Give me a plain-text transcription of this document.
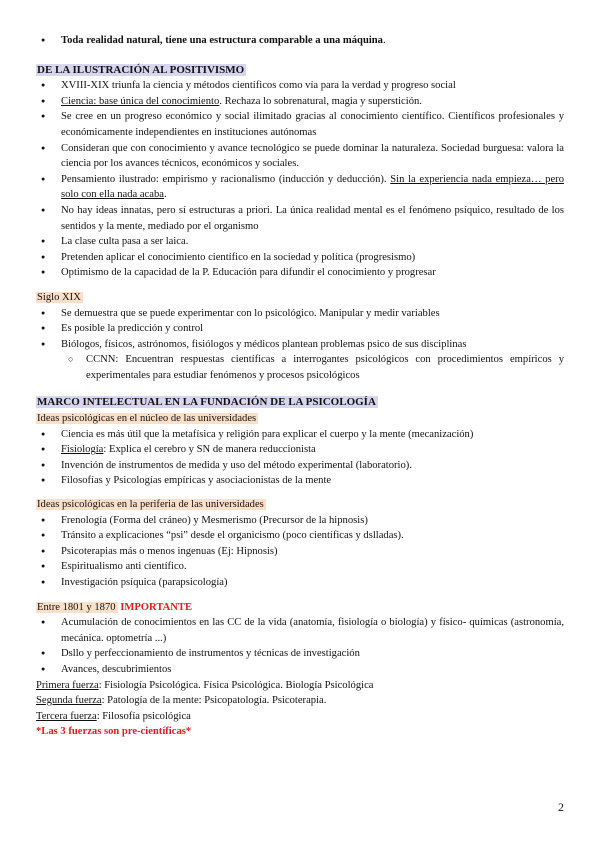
● Toda realidad natural, tiene una estructura comparable a una máquina.
DE LA ILUSTRACIÓN AL POSITIVISMO
● XVIII-XIX triunfa la ciencia y métodos científicos como vía para la verdad y progreso social
● Ciencia: base única del conocimiento. Rechaza lo sobrenatural, magia y superstición.
● Se cree en un progreso económico y social ilimitado gracias al conocimiento científico. Científicos profesionales y económicamente independientes en instituciones autónomas
● Consideran que con conocimiento y avance tecnológico se puede dominar la naturaleza. Sociedad burguesa: valora la ciencia por los avances técnicos, económicos y sociales.
● Pensamiento ilustrado: empirismo y racionalismo (inducción y deducción). Sin la experiencia nada empieza… pero solo con ella nada acaba.
● No hay ideas innatas, pero sí estructuras a priori. La única realidad mental es el fenómeno psíquico, resultado de los sentidos y la mente, mediado por el organismo
● La clase culta pasa a ser laica.
● Pretenden aplicar el conocimiento científico en la sociedad y política (progresismo)
● Optimismo de la capacidad de la P. Educación para difundir el conocimiento y progresar
Siglo XIX
● Se demuestra que se puede experimentar con lo psicológico. Manipular y medir variables
● Es posible la predicción y control
● Biólogos, físicos, astrónomos, fisiólogos y médicos plantean problemas psico de sus disciplinas
○ CCNN: Encuentran respuestas científicas a interrogantes psicológicos con procedimientos empíricos y experimentales para estudiar fenómenos y procesos psicológicos
MARCO INTELECTUAL EN LA FUNDACIÓN DE LA PSICOLOGÍA
Ideas psicológicas en el núcleo de las universidades
● Ciencia es más útil que la metafísica y religión para explicar el cuerpo y la mente (mecanización)
● Fisiología: Explica el cerebro y SN de manera reduccionista
● Invención de instrumentos de medida y uso del método experimental (laboratorio).
● Filosofías y Psicologías empíricas y asociacionistas de la mente
Ideas psicológicas en la periferia de las universidades
● Frenología (Forma del cráneo) y Mesmerismo (Precursor de la hipnosis)
● Tránsito a explicaciones “psi” desde el organicismo (poco científicas y dslladas).
● Psicoterapias más o menos ingenuas (Ej: Hipnosis)
● Espiritualismo anti científico.
● Investigación psíquica (parapsicología)
Entre 1801 y 1870 IMPORTANTE
● Acumulación de conocimientos en las CC de la vida (anatomía, fisiología o biología) y físico- químicas (astronomía, mecánica. optometría ...)
● Dsllo y perfeccionamiento de instrumentos y técnicas de investigación
● Avances, descubrimientos

Primera fuerza: Fisiología Psicológica. Física Psicológica. Biología Psicológica

Segunda fuerza: Patología de la mente: Psicopatología. Psicoterapia.

Tercera fuerza: Filosofía psicológica

*Las 3 fuerzas son pre-científicas*

2
